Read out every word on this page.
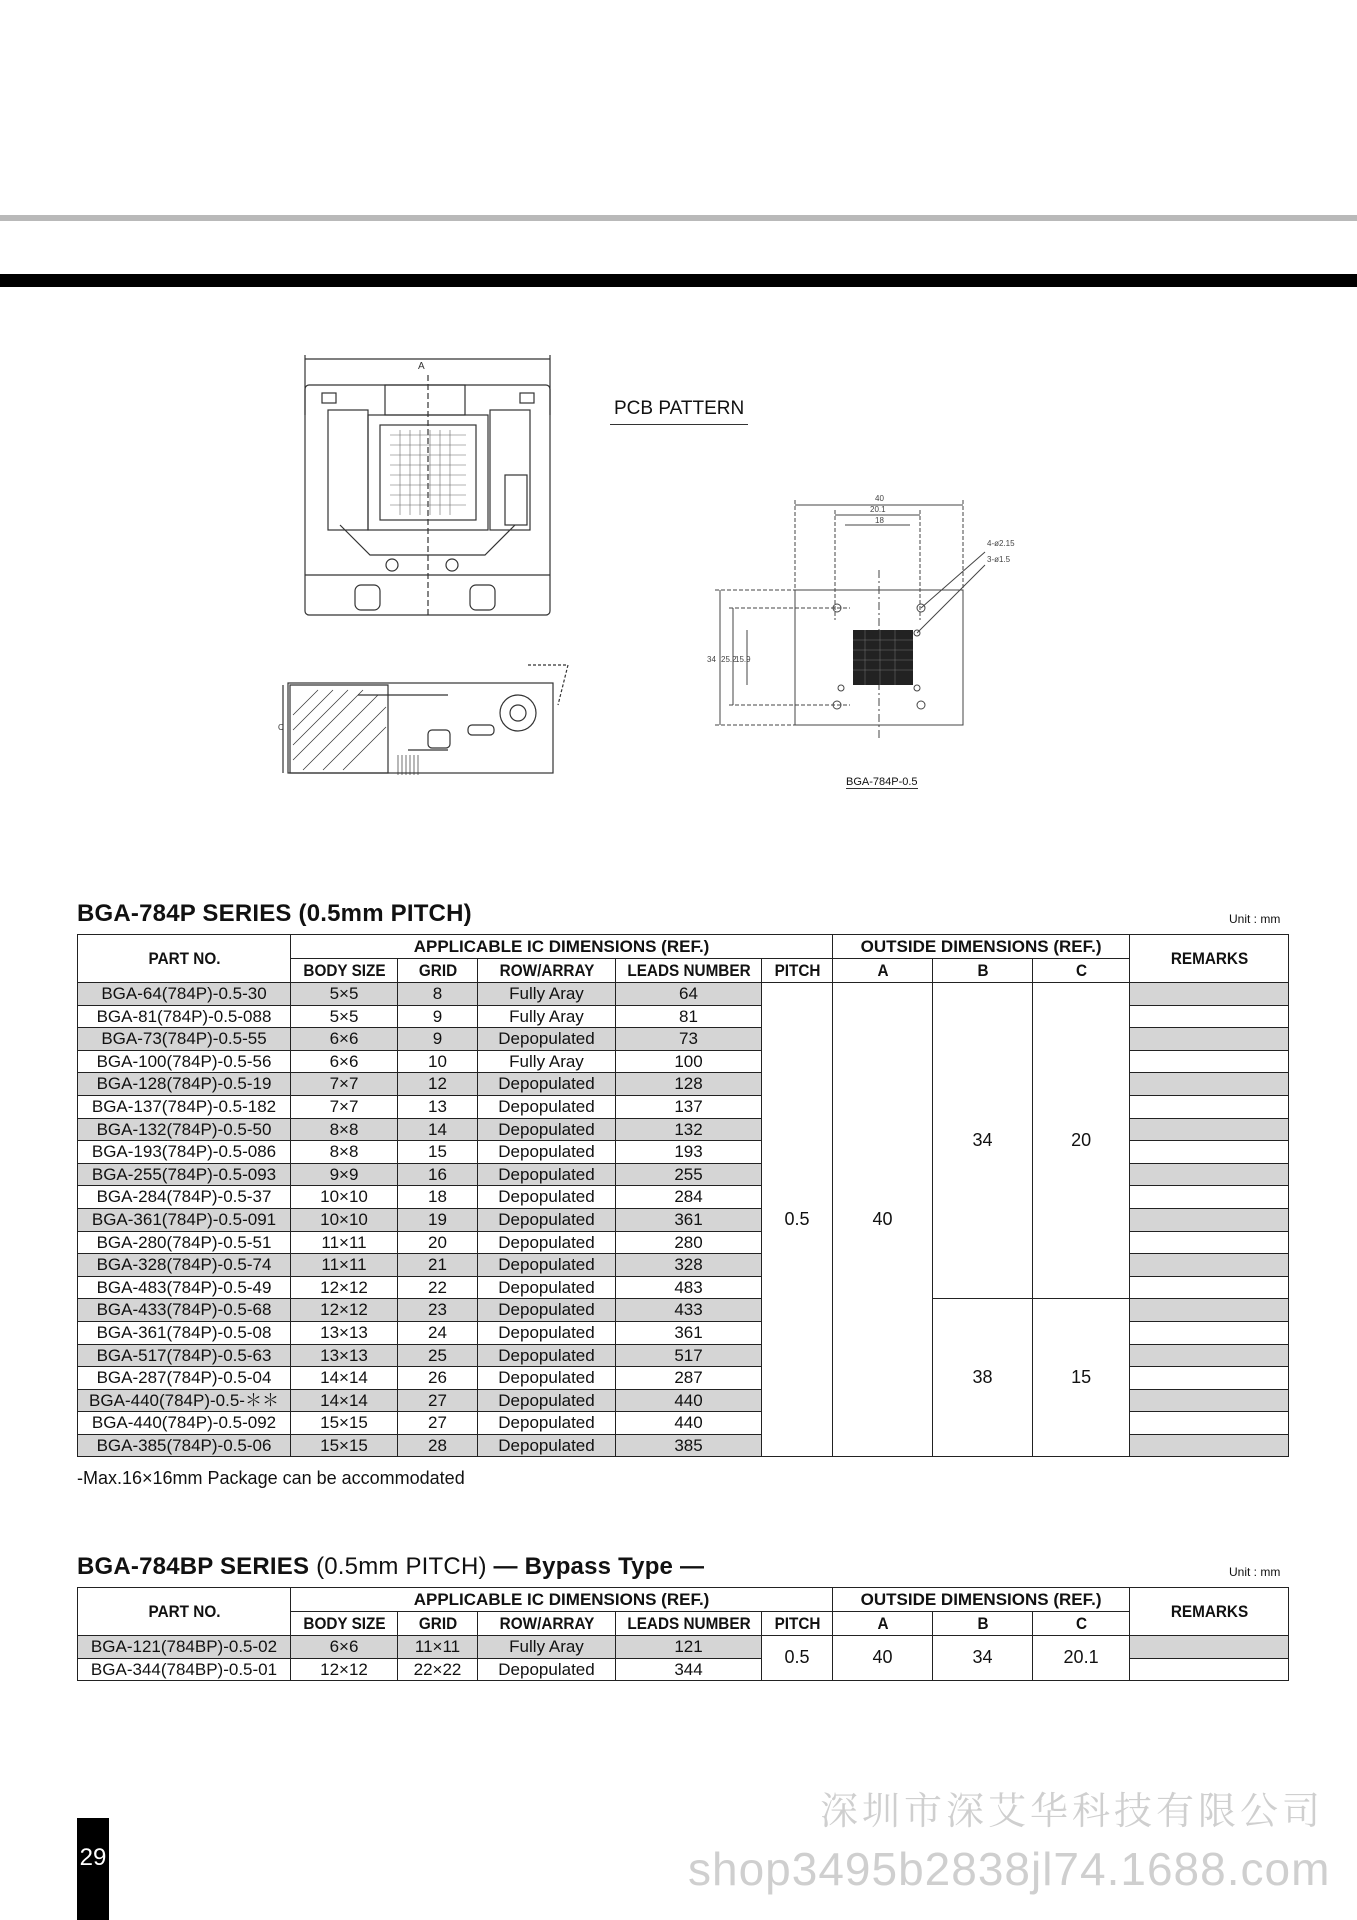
A
C
PCB PATTERN
40
20.1
18
4-ø2.15
3-ø1.5
34 25.2
15.9
BGA-784P-0.5
BGA-784P SERIES (0.5mm PITCH)	Unit : mm
PART NO.	APPLICABLE IC DIMENSIONS (REF.)					OUTSIDE DIMENSIONS (REF.)			REMARKS
	BODY SIZE	GRID	ROW/ARRAY	LEADS NUMBER	PITCH	A	B	C	
BGA-64(784P)-0.5-30	5×5	8	Fully Aray	64	0.5	40	34	20	
BGA-81(784P)-0.5-088	5×5	9	Fully Aray	81					
BGA-73(784P)-0.5-55	6×6	9	Depopulated	73					
BGA-100(784P)-0.5-56	6×6	10	Fully Aray	100					
BGA-128(784P)-0.5-19	7×7	12	Depopulated	128					
BGA-137(784P)-0.5-182	7×7	13	Depopulated	137					
BGA-132(784P)-0.5-50	8×8	14	Depopulated	132					
BGA-193(784P)-0.5-086	8×8	15	Depopulated	193					
BGA-255(784P)-0.5-093	9×9	16	Depopulated	255					
BGA-284(784P)-0.5-37	10×10	18	Depopulated	284					
BGA-361(784P)-0.5-091	10×10	19	Depopulated	361					
BGA-280(784P)-0.5-51	11×11	20	Depopulated	280					
BGA-328(784P)-0.5-74	11×11	21	Depopulated	328					
BGA-483(784P)-0.5-49	12×12	22	Depopulated	483					
BGA-433(784P)-0.5-68	12×12	23	Depopulated	433			38	15	
BGA-361(784P)-0.5-08	13×13	24	Depopulated	361					
BGA-517(784P)-0.5-63	13×13	25	Depopulated	517					
BGA-287(784P)-0.5-04	14×14	26	Depopulated	287					
BGA-440(784P)-0.5-＊＊	14×14	27	Depopulated	440					
BGA-440(784P)-0.5-092	15×15	27	Depopulated	440					
BGA-385(784P)-0.5-06	15×15	28	Depopulated	385					
-Max.16×16mm Package can be accommodated
BGA-784BP SERIES (0.5mm PITCH) — Bypass Type —	Unit : mm
PART NO.	APPLICABLE IC DIMENSIONS (REF.)					OUTSIDE DIMENSIONS (REF.)			REMARKS
	BODY SIZE	GRID	ROW/ARRAY	LEADS NUMBER	PITCH	A	B	C	
BGA-121(784BP)-0.5-02	6×6	11×11	Fully Aray	121	0.5	40	34	20.1	
BGA-344(784BP)-0.5-01	12×12	22×22	Depopulated	344					
29
深圳市深艾华科技有限公司
shop3495b2838jl74.1688.com
